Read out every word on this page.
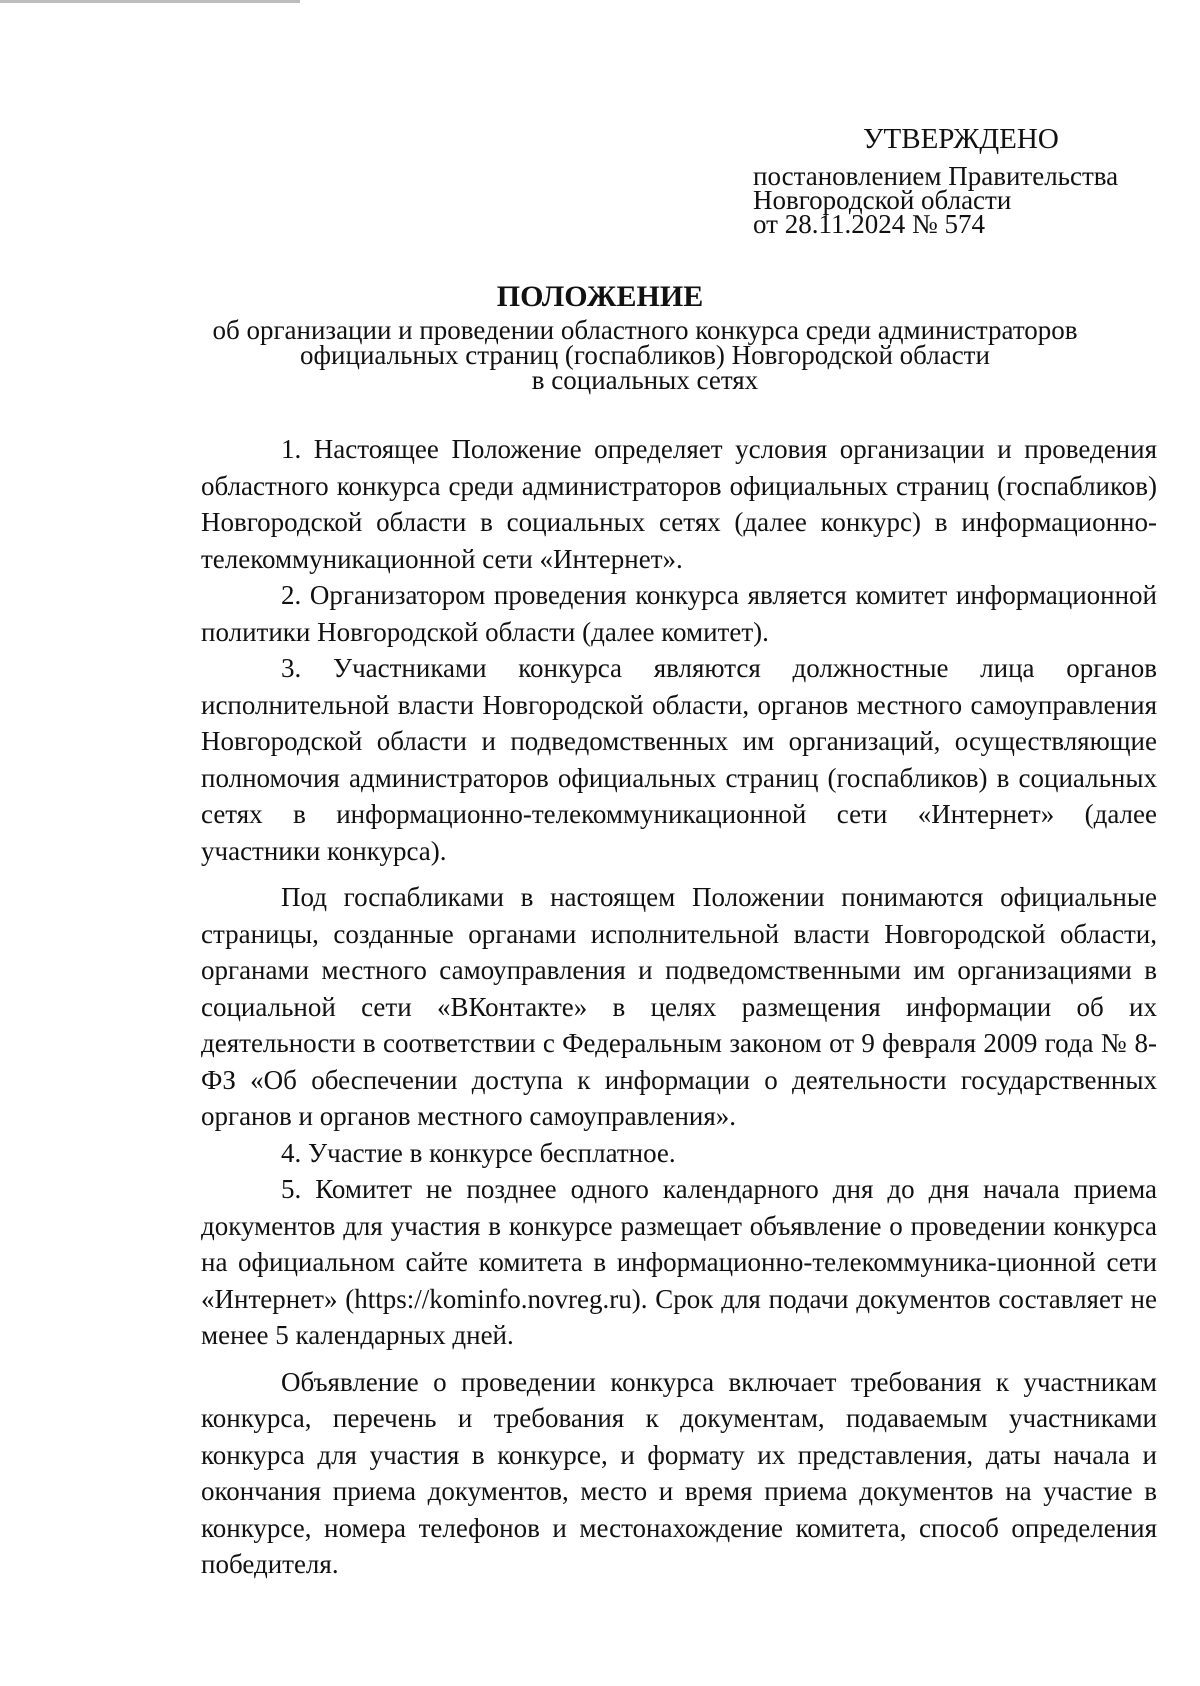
УТВЕРЖДЕНО
постановлением Правительства
Новгородской области
от 28.11.2024 № 574
ПОЛОЖЕНИЕ
об организации и проведении областного конкурса среди администраторов
официальных страниц (госпабликов) Новгородской области
в социальных сетях

1. Настоящее Положение определяет условия организации и проведения областного конкурса среди администраторов официальных страниц (госпабликов) Новгородской области в социальных сетях (далее конкурс) в информационно-телекоммуникационной сети «Интернет».

2. Организатором проведения конкурса является комитет информационной политики Новгородской области (далее комитет).

3. Участниками конкурса являются должностные лица органов исполнительной власти Новгородской области, органов местного самоуправления Новгородской области и подведомственных им организаций, осуществляющие полномочия администраторов официальных страниц (госпабликов) в социальных сетях в информационно-телекоммуникационной сети «Интернет» (далее участники конкурса).

Под госпабликами в настоящем Положении понимаются официальные страницы, созданные органами исполнительной власти Новгородской области, органами местного самоуправления и подведомственными им организациями в социальной сети «ВКонтакте» в целях размещения информации об их деятельности в соответствии с Федеральным законом от 9 февраля 2009 года № 8-ФЗ «Об обеспечении доступа к информации о деятельности государственных органов и органов местного самоуправления».

4. Участие в конкурсе бесплатное.

5. Комитет не позднее одного календарного дня до дня начала приема документов для участия в конкурсе размещает объявление о проведении конкурса на официальном сайте комитета в информационно-телекоммуника-ционной сети «Интернет» (https://kominfo.novreg.ru). Срок для подачи документов составляет не менее 5 календарных дней.

Объявление о проведении конкурса включает требования к участникам конкурса, перечень и требования к документам, подаваемым участниками конкурса для участия в конкурсе, и формату их представления, даты начала и окончания приема документов, место и время приема документов на участие в конкурсе, номера телефонов и местонахождение комитета, способ определения победителя.
